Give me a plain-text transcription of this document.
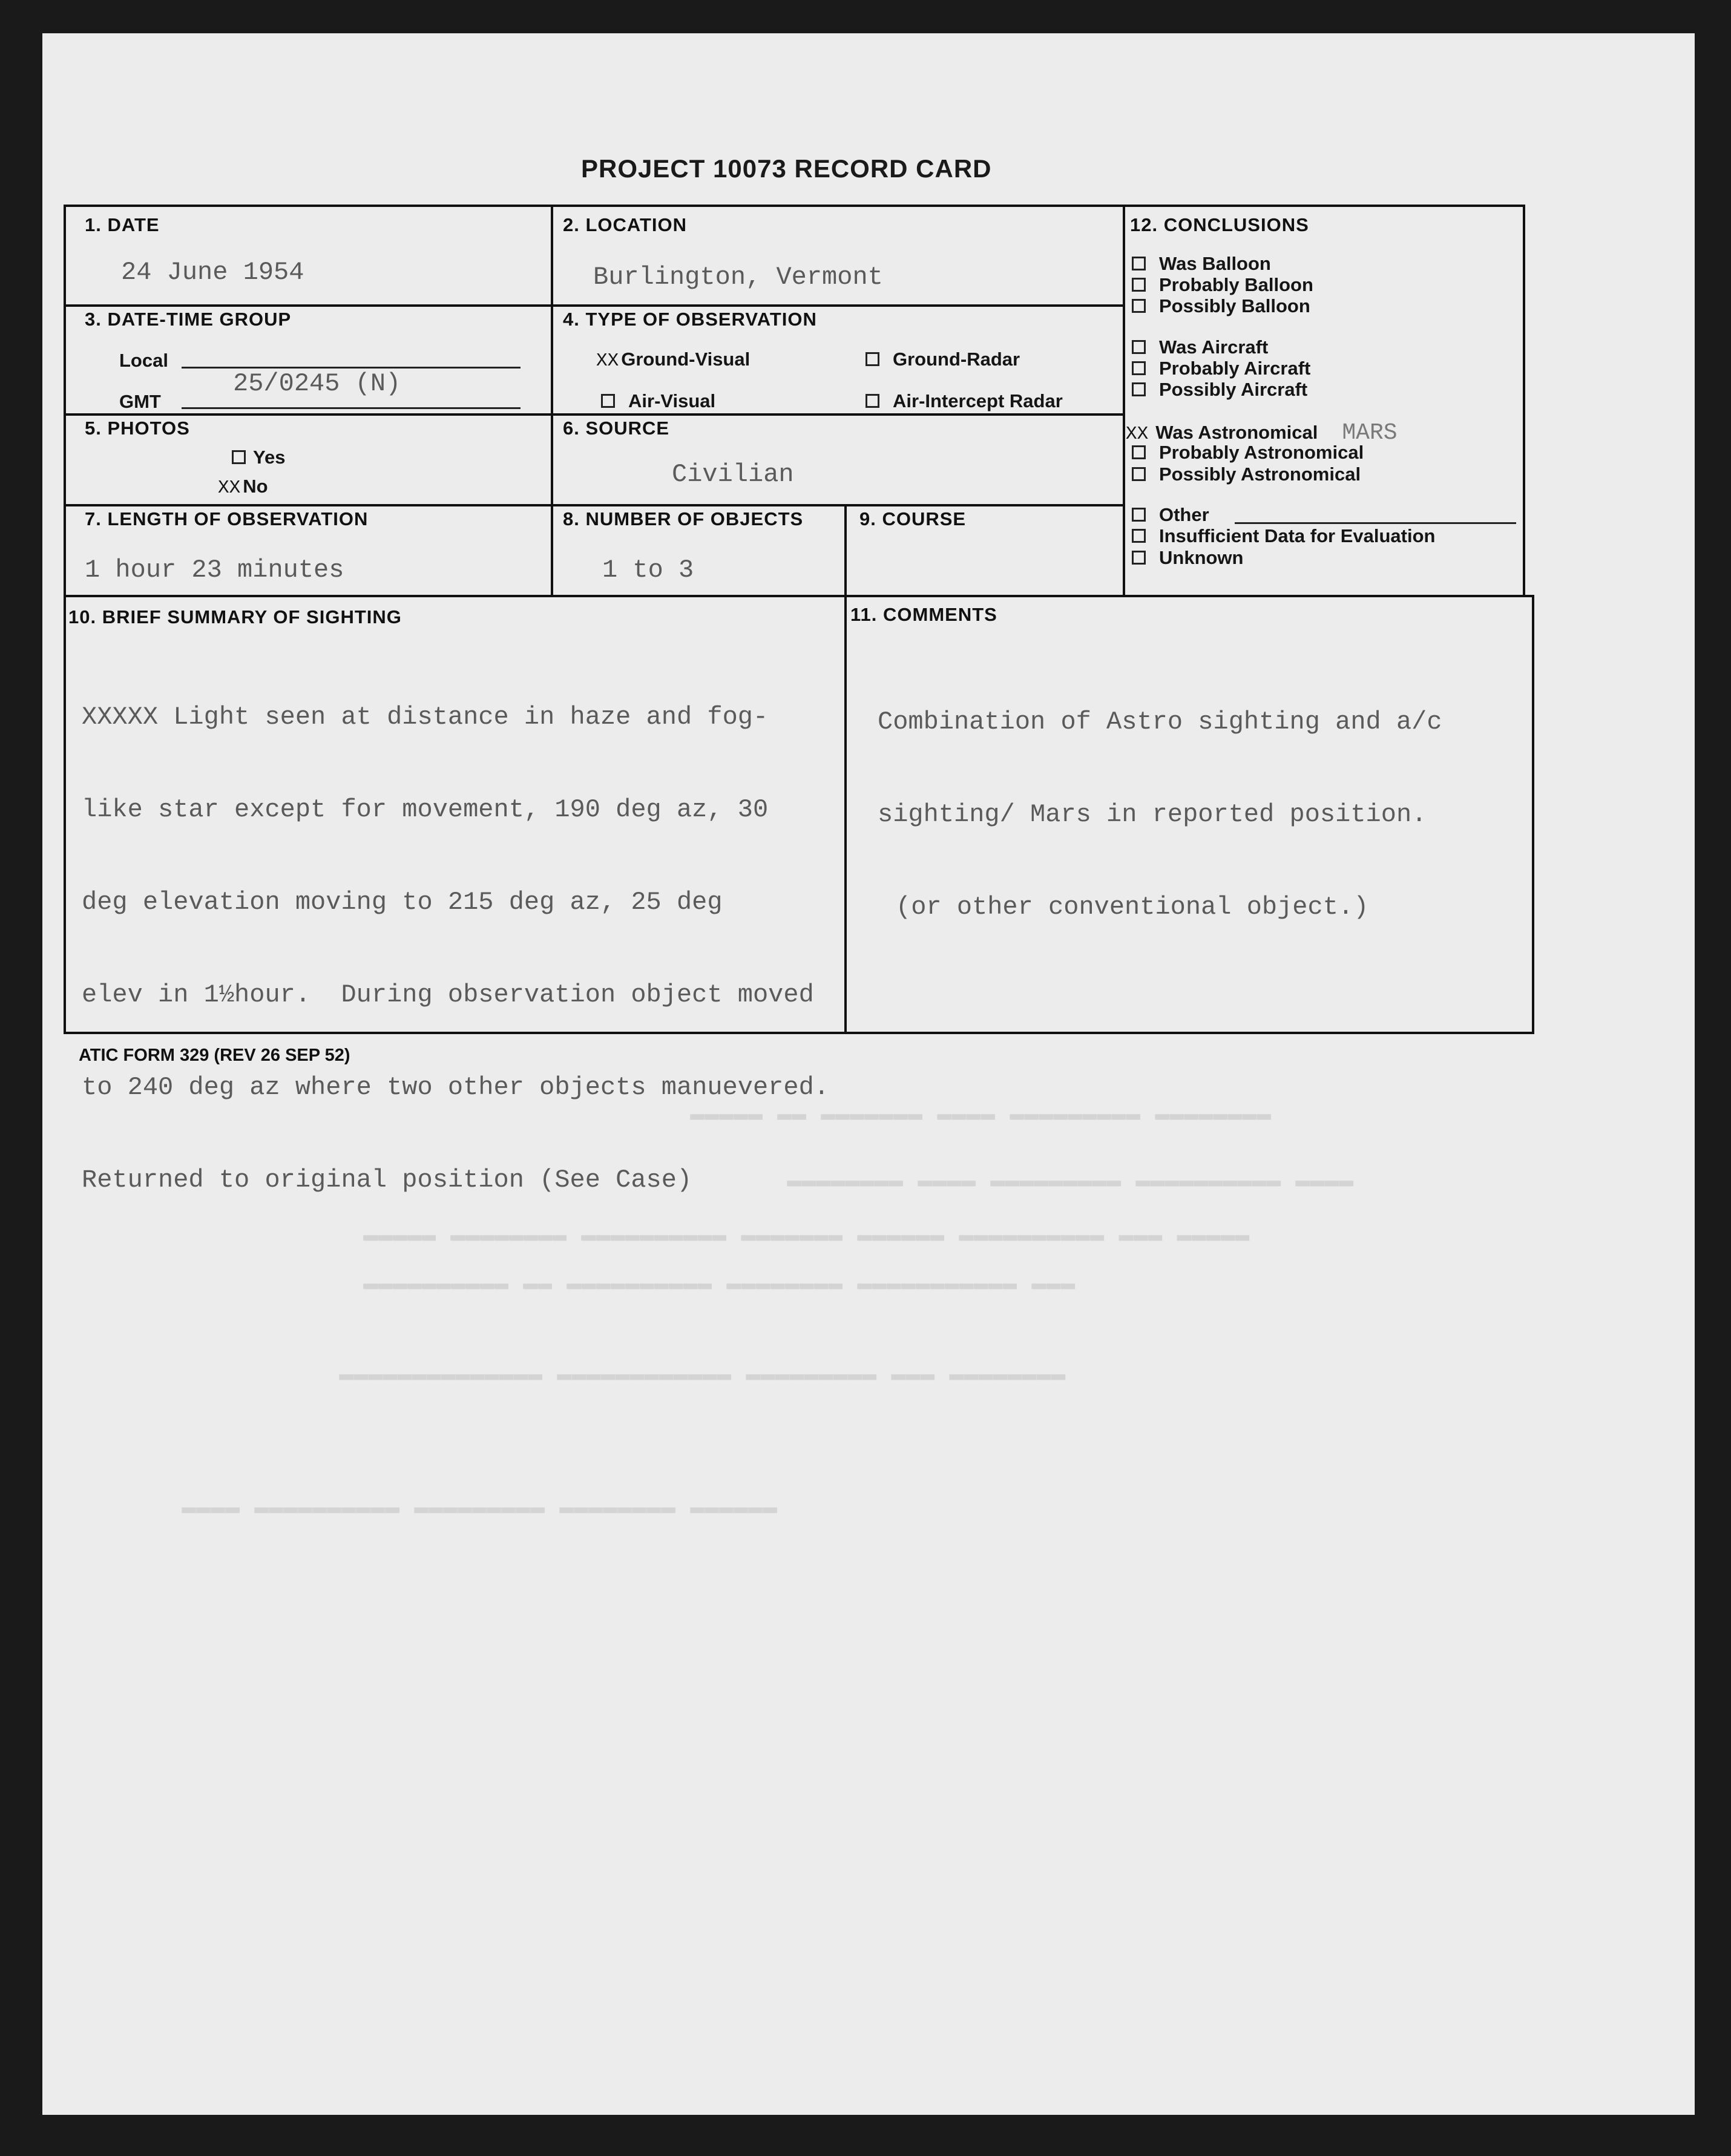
▬▬▬▬▬ ▬▬ ▬▬▬▬▬▬▬ ▬▬▬▬ ▬▬▬▬▬▬▬▬▬ ▬▬▬▬▬▬▬▬
▬▬▬▬▬▬▬▬ ▬▬▬▬ ▬▬▬▬▬▬▬▬▬ ▬▬▬▬▬▬▬▬▬▬ ▬▬▬▬
▬▬▬▬▬ ▬▬▬▬▬▬▬▬ ▬▬▬▬▬▬▬▬▬▬ ▬▬▬▬▬▬▬ ▬▬▬▬▬▬ ▬▬▬▬▬▬▬▬▬▬ ▬▬▬ ▬▬▬▬▬
▬▬▬▬▬▬▬▬▬▬ ▬▬ ▬▬▬▬▬▬▬▬▬▬ ▬▬▬▬▬▬▬▬ ▬▬▬▬▬▬▬▬▬▬▬ ▬▬▬
▬▬▬▬▬▬▬▬▬▬▬▬▬▬ ▬▬▬▬▬▬▬▬▬▬▬▬ ▬▬▬▬▬▬▬▬▬ ▬▬▬ ▬▬▬▬▬▬▬▬
▬▬▬▬ ▬▬▬▬▬▬▬▬▬▬ ▬▬▬▬▬▬▬▬▬ ▬▬▬▬▬▬▬▬ ▬▬▬▬▬▬
PROJECT 10073 RECORD CARD
1. DATE
24 June 1954
2. LOCATION
Burlington, Vermont
3. DATE-TIME GROUP
Local
25/0245 (N)
GMT
4. TYPE OF OBSERVATION
XX Ground-Visual	Ground-Radar
Air-Visual	Air-Intercept Radar
5. PHOTOS
Yes
XX No
6. SOURCE
Civilian
7. LENGTH OF OBSERVATION
1 hour 23 minutes
8. NUMBER OF OBJECTS
1 to 3
9. COURSE
10. BRIEF SUMMARY OF SIGHTING

XXXXX Light seen at distance in haze and fog-

like star except for movement, 190 deg az, 30

deg elevation moving to 215 deg az, 25 deg

elev in 1½hour.  During observation object moved

to 240 deg az where two other objects manuevered.

Returned to original position (See Case)

11. COMMENTS

Combination of Astro sighting and a/c

sighting/ Mars in reported position.

(or other conventional object.)

12. CONCLUSIONS
Was Balloon
Probably Balloon
Possibly Balloon
Was Aircraft
Probably Aircraft
Possibly Aircraft
XX Was Astronomical MARS
Probably Astronomical
Possibly Astronomical
Other
Insufficient Data for Evaluation
Unknown
ATIC FORM 329 (REV 26 SEP 52)
